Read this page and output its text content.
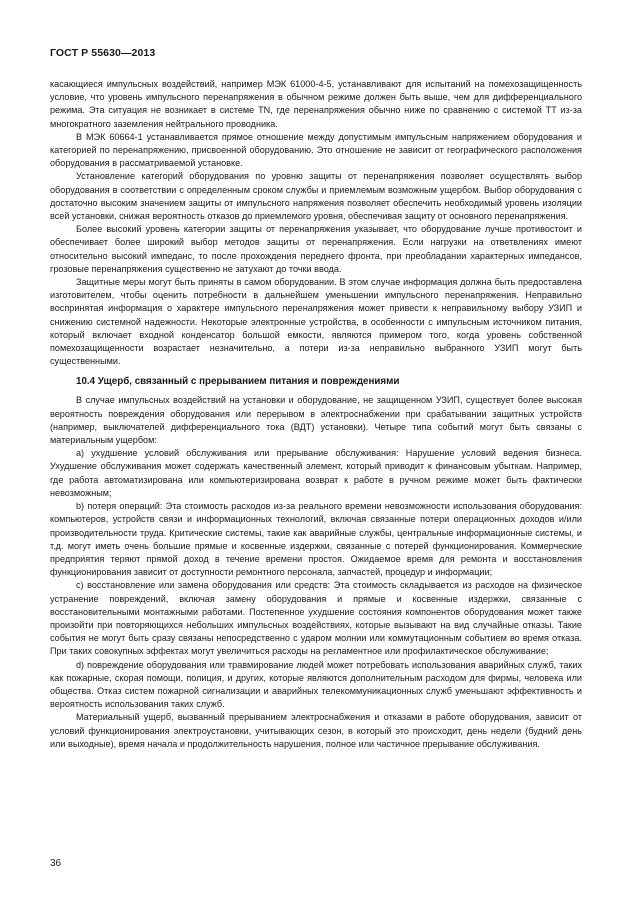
ГОСТ Р 55630—2013

касающиеся импульсных воздействий, например МЭК 61000-4-5, устанавливают для испытаний на помехозащищенность условие, что уровень импульсного перенапряжения в обычном режиме должен быть выше, чем для дифференциального режима. Эта ситуация не возникает в системе TN, где перенапряжения обычно ниже по сравнению с системой TT из-за многократного заземления нейтрального проводника.

В МЭК 60664-1 устанавливается прямое отношение между допустимым импульсным напряжением оборудования и категорией по перенапряжению, присвоенной оборудованию. Это отношение не зависит от географического расположения оборудования в рассматриваемой установке.

Установление категорий оборудования по уровню защиты от перенапряжения позволяет осуществлять выбор оборудования в соответствии с определенным сроком службы и приемлемым возможным ущербом. Выбор оборудования с достаточно высоким значением защиты от импульсного напряжения позволяет обеспечить необходимый уровень изоляции всей установки, снижая вероятность отказов до приемлемого уровня, обеспечивая защиту от основного перенапряжения.

Более высокий уровень категории защиты от перенапряжения указывает, что оборудование лучше противостоит и обеспечивает более широкий выбор методов защиты от перенапряжения. Если нагрузки на ответвлениях имеют относительно высокий импеданс, то после прохождения переднего фронта, при преобладании характерных импедансов, грозовые перенапряжения существенно не затухают до точки ввода.

Защитные меры могут быть приняты в самом оборудовании. В этом случае информация должна быть предоставлена изготовителем, чтобы оценить потребности в дальнейшем уменьшении импульсного перенапряжения. Неправильно воспринятая информация о характере импульсного перенапряжения может привести к неправильному выбору УЗИП и снижению системной надежности. Некоторые электронные устройства, в особенности с импульсным источником питания, который включает входной конденсатор большой емкости, являются примером того, когда уровень собственной помехозащищенности возрастает незначительно, а потери из-за неправильно выбранного УЗИП могут быть существенными.

10.4 Ущерб, связанный с прерыванием питания и повреждениями

В случае импульсных воздействий на установки и оборудование, не защищенном УЗИП, существует более высокая вероятность повреждения оборудования или перерывом в электроснабжении при срабатывании защитных устройств (например, выключателей дифференциального тока (ВДТ) установки). Четыре типа событий могут быть связаны с материальным ущербом:

а) ухудшение условий обслуживания или прерывание обслуживания: Нарушение условий ведения бизнеса. Ухудшение обслуживания может содержать качественный элемент, который приводит к финансовым убыткам. Например, где работа автоматизирована или компьютеризирована возврат к работе в ручном режиме может быть фактически невозможным;

b) потеря операций: Эта стоимость расходов из-за реального времени невозможности использования оборудования: компьютеров, устройств связи и информационных технологий, включая связанные потери операционных доходов и/или производительности труда. Критические системы, такие как аварийные службы, центральные информационные системы, и т.д. могут иметь очень большие прямые и косвенные издержки, связанные с потерей функционирования. Коммерческие предприятия теряют прямой доход в течение времени простоя. Ожидаемое время для ремонта и восстановления функционирования зависит от доступности ремонтного персонала, запчастей, процедур и информации;

c) восстановление или замена оборудования или средств: Эта стоимость складывается из расходов на физическое устранение повреждений, включая замену оборудования и прямые и косвенные издержки, связанные с восстановительными монтажными работами. Постепенное ухудшение состояния компонентов оборудования может также произойти при повторяющихся небольших импульсных воздействиях, которые вызывают на вид случайные отказы. Такие события не могут быть сразу связаны непосредственно с ударом молнии или коммутационным событием во время отказа. При таких совокупных эффектах могут увеличиться расходы на регламентное или профилактическое обслуживание;

d) повреждение оборудования или травмирование людей может потребовать использования аварийных служб, таких как пожарные, скорая помощи, полиция, и других, которые являются дополнительным расходом для фирмы, человека или общества. Отказ систем пожарной сигнализации и аварийных телекоммуникационных служб уменьшают эффективность и вероятность использования таких служб.

Материальный ущерб, вызванный прерыванием электроснабжения и отказами в работе оборудования, зависит от условий функционирования электроустановки, учитывающих сезон, в который это происходит, день недели (будний день или выходные), время начала и продолжительность нарушения, полное или частичное прерывание обслуживания.

36
